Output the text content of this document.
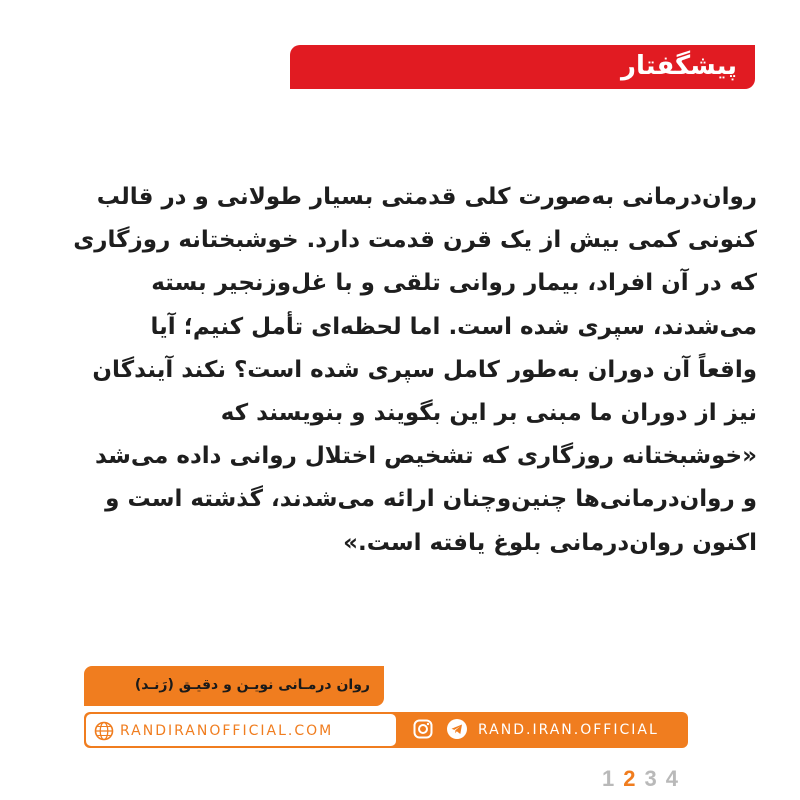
پیشگفتار
روان‌درمانی به‌صورت کلی قدمتی بسیار طولانی و در قالب
کنونی کمی بیش از یک قرن قدمت دارد. خوشبختانه روزگاری
که در آن افراد، بیمار روانی تلقی و با غل‌وزنجیر بسته
می‌شدند، سپری شده است. اما لحظه‌ای تأمل کنیم؛ آیا
واقعاً آن دوران به‌طور کامل سپری شده است؟ نکند آیندگان
نیز از دوران ما مبنی بر این بگویند و بنویسند که
«خوشبختانه روزگاری که تشخیص اختلال روانی داده می‌شد
و روان‌درمانی‌ها چنین‌وچنان ارائه می‌شدند، گذشته است و
اکنون روان‌درمانی بلوغ یافته است.»
روان درمـانی نویـن و دقیـق (رَنـد)
RANDIRANOFFICIAL.COM	RAND.IRAN.OFFICIAL
1 2 3 4
